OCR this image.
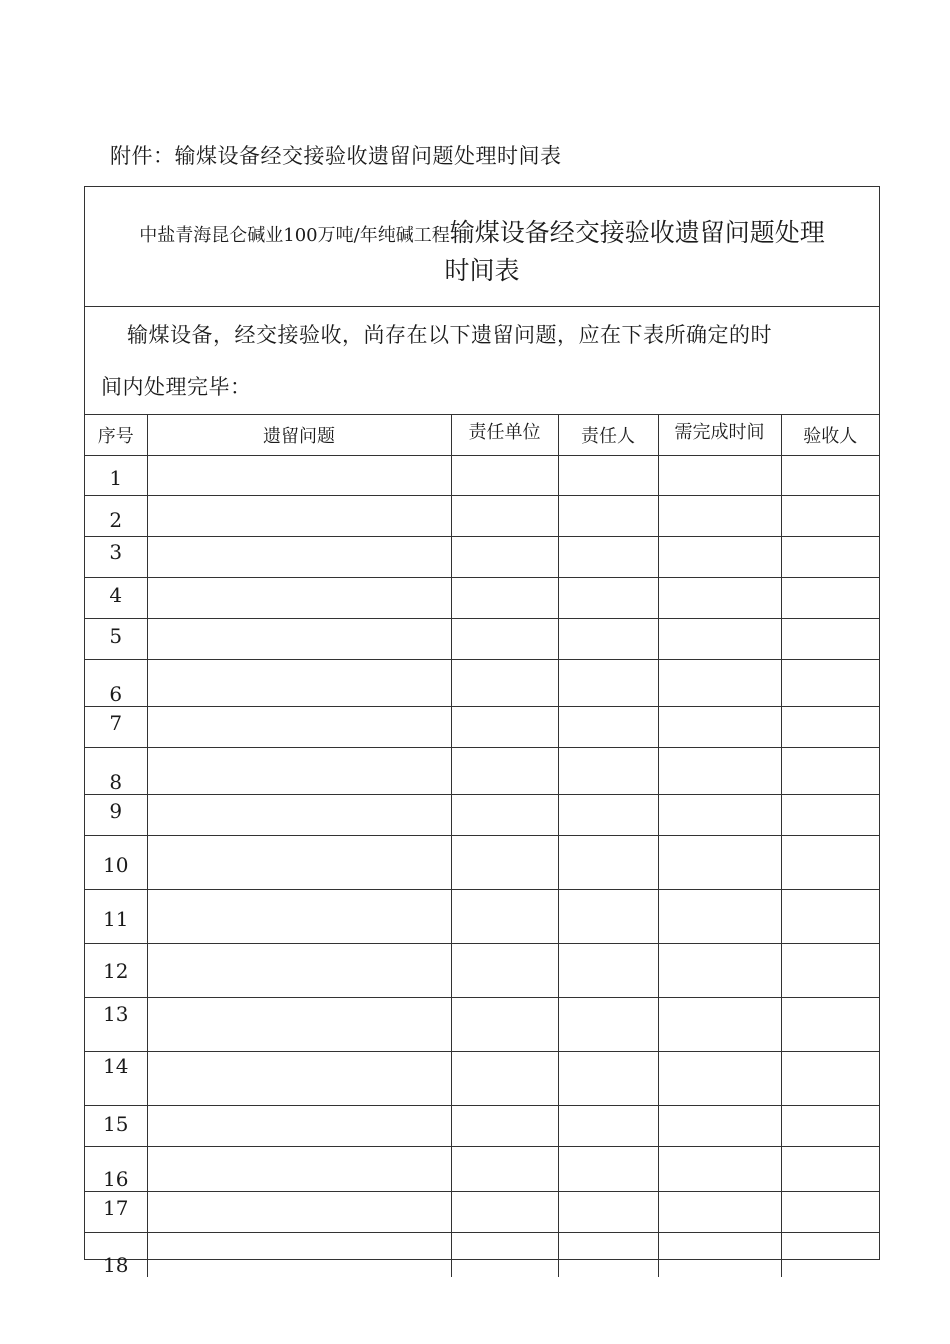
附件：输煤设备经交接验收遗留问题处理时间表
中盐青海昆仑碱业100万吨/年纯碱工程输煤设备经交接验收遗留问题处理
时间表
输煤设备，经交接验收，尚存在以下遗留问题，应在下表所确定的时
间内处理完毕：
序号	遗留问题	责任单位	责任人	需完成时间	验收人

1					

2					

3					

4					

5					

6					

7					

8					

9					

10					

11					

12					

13					

14					

15					

16					

17					

18					
